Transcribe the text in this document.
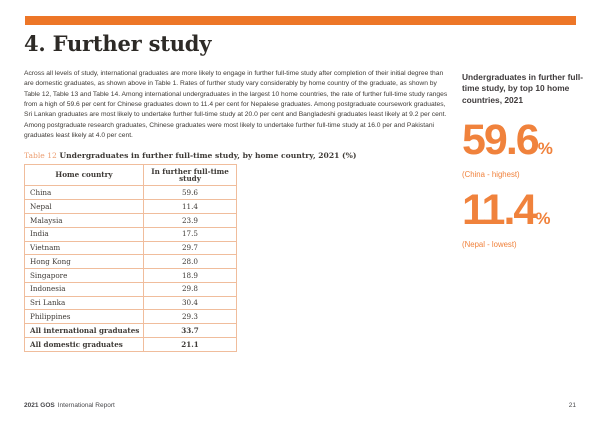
4. Further study

Across all levels of study, international graduates are more likely to engage in further full-time study after completion of their initial degree than are domestic graduates, as shown above in Table 1. Rates of further study vary considerably by home country of the graduate, as shown by Table 12, Table 13 and Table 14. Among international undergraduates in the largest 10 home countries, the rate of further full-time study ranges from a high of 59.6 per cent for Chinese graduates down to 11.4 per cent for Nepalese graduates. Among postgraduate coursework graduates, Sri Lankan graduates are most likely to undertake further full-time study at 20.0 per cent and Bangladeshi graduates least likely at 9.2 per cent. Among postgraduate research graduates, Chinese graduates were most likely to undertake further full-time study at 16.0 per and Pakistani graduates least likely at 4.0 per cent.

Table 12 Undergraduates in further full-time study, by home country, 2021 (%)
Home country	In further full-time study
China	59.6
Nepal	11.4
Malaysia	23.9
India	17.5
Vietnam	29.7
Hong Kong	28.0
Singapore	18.9
Indonesia	29.8
Sri Lanka	30.4
Philippines	29.3
All international graduates	33.7
All domestic graduates	21.1
Undergraduates in further full-time study, by top 10 home countries, 2021
59.6%
(China - highest)
11.4%
(Nepal - lowest)
2021 GOS International Report	21
